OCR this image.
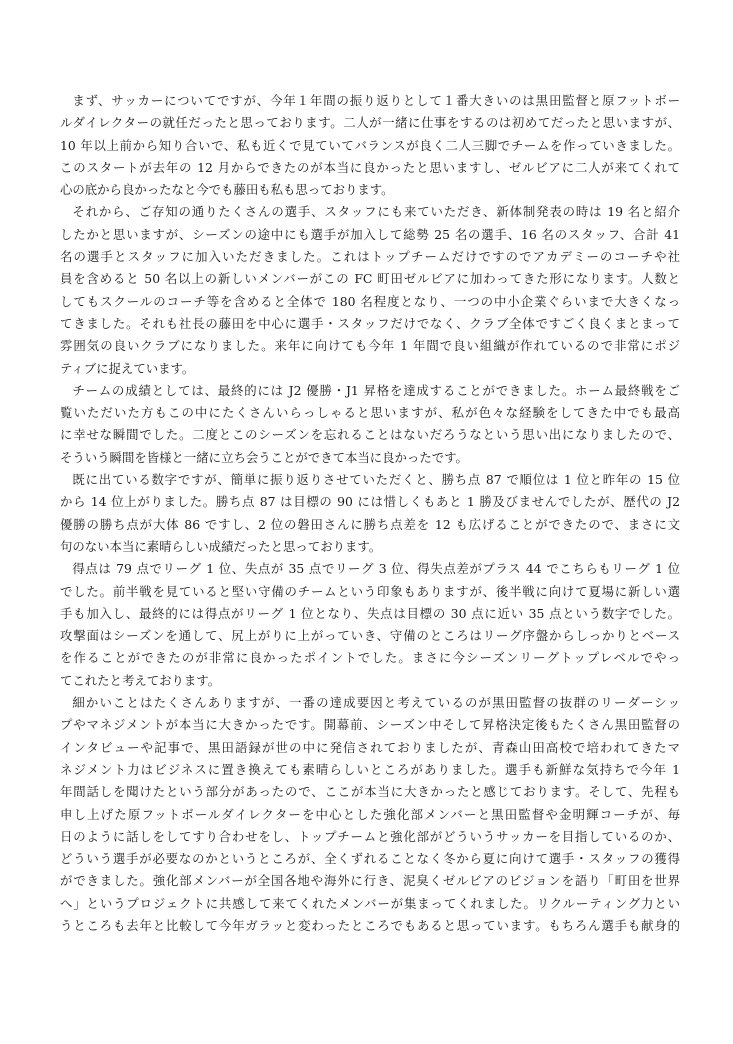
まず、サッカーについてですが、今年１年間の振り返りとして１番大きいのは黒田監督と原フットボー
ルダイレクターの就任だったと思っております。二人が一緒に仕事をするのは初めてだったと思いますが、
10 年以上前から知り合いで、私も近くで見ていてバランスが良く二人三脚でチームを作っていきました。
このスタートが去年の 12 月からできたのが本当に良かったと思いますし、ゼルビアに二人が来てくれて
心の底から良かったなと今でも藤田も私も思っております。
それから、ご存知の通りたくさんの選手、スタッフにも来ていただき、新体制発表の時は 19 名と紹介
したかと思いますが、シーズンの途中にも選手が加入して総勢 25 名の選手、16 名のスタッフ、合計 41
名の選手とスタッフに加入いただきました。これはトップチームだけですのでアカデミーのコーチや社
員を含めると 50 名以上の新しいメンバーがこの FC 町田ゼルビアに加わってきた形になります。人数と
してもスクールのコーチ等を含めると全体で 180 名程度となり、一つの中小企業ぐらいまで大きくなっ
てきました。それも社長の藤田を中心に選手・スタッフだけでなく、クラブ全体ですごく良くまとまって
雰囲気の良いクラブになりました。来年に向けても今年 1 年間で良い組織が作れているので非常にポジ
ティブに捉えています。
チームの成績としては、最終的には J2 優勝・J1 昇格を達成することができました。ホーム最終戦をご
覧いただいた方もこの中にたくさんいらっしゃると思いますが、私が色々な経験をしてきた中でも最高
に幸せな瞬間でした。二度とこのシーズンを忘れることはないだろうなという思い出になりましたので、
そういう瞬間を皆様と一緒に立ち会うことができて本当に良かったです。
既に出ている数字ですが、簡単に振り返りさせていただくと、勝ち点 87 で順位は 1 位と昨年の 15 位
から 14 位上がりました。勝ち点 87 は目標の 90 には惜しくもあと 1 勝及びませんでしたが、歴代の J2
優勝の勝ち点が大体 86 ですし、2 位の磐田さんに勝ち点差を 12 も広げることができたので、まさに文
句のない本当に素晴らしい成績だったと思っております。
得点は 79 点でリーグ 1 位、失点が 35 点でリーグ 3 位、得失点差がプラス 44 でこちらもリーグ 1 位
でした。前半戦を見ていると堅い守備のチームという印象もありますが、後半戦に向けて夏場に新しい選
手も加入し、最終的には得点がリーグ 1 位となり、失点は目標の 30 点に近い 35 点という数字でした。
攻撃面はシーズンを通して、尻上がりに上がっていき、守備のところはリーグ序盤からしっかりとベース
を作ることができたのが非常に良かったポイントでした。まさに今シーズンリーグトップレベルでやっ
てこれたと考えております。
細かいことはたくさんありますが、一番の達成要因と考えているのが黒田監督の抜群のリーダーシッ
プやマネジメントが本当に大きかったです。開幕前、シーズン中そして昇格決定後もたくさん黒田監督の
インタビューや記事で、黒田語録が世の中に発信されておりましたが、青森山田高校で培われてきたマ
ネジメント力はビジネスに置き換えても素晴らしいところがありました。選手も新鮮な気持ちで今年 1
年間話しを聞けたという部分があったので、ここが本当に大きかったと感じております。そして、先程も
申し上げた原フットボールダイレクターを中心とした強化部メンバーと黒田監督や金明輝コーチが、毎
日のように話しをしてすり合わせをし、トップチームと強化部がどういうサッカーを目指しているのか、
どういう選手が必要なのかというところが、全くずれることなく冬から夏に向けて選手・スタッフの獲得
ができました。強化部メンバーが全国各地や海外に行き、泥臭くゼルビアのビジョンを語り「町田を世界
へ」というプロジェクトに共感して来てくれたメンバーが集まってくれました。リクルーティング力とい
うところも去年と比較して今年ガラッと変わったところでもあると思っています。もちろん選手も献身的
